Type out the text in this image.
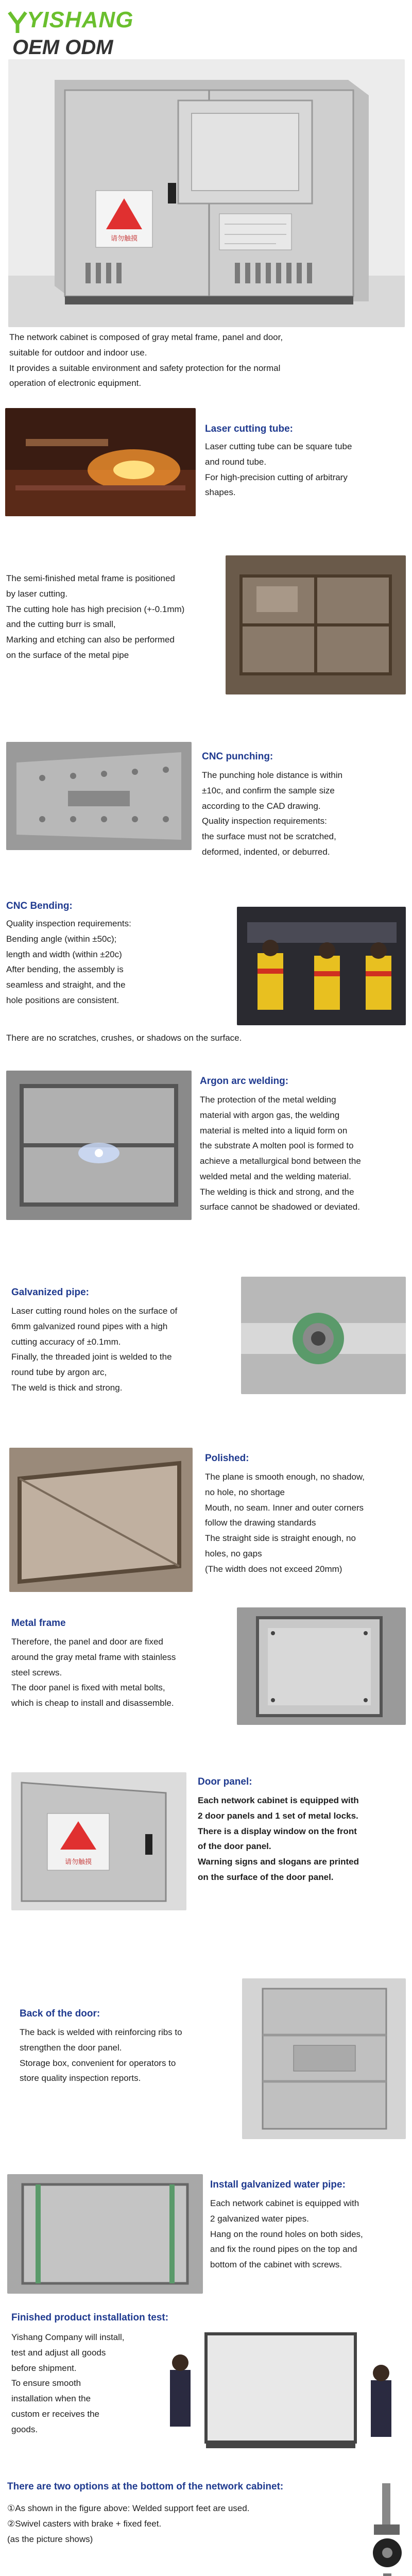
YISHANG
OEM ODM
请勿触摸

The network cabinet is composed of gray metal frame, panel and door,

suitable for outdoor and indoor use.

It provides a suitable environment and safety protection for the normal

operation of electronic equipment.

Laser cutting tube:

Laser cutting tube can be square tube

and round tube.

For high-precision cutting of arbitrary

shapes.

The semi-finished metal frame is positioned

by laser cutting.

The cutting hole has high precision (+-0.1mm)

and the cutting burr is small,

Marking and etching can also be performed

on the surface of the metal pipe

CNC punching:

The punching hole distance is within

±10c, and confirm the sample size

according to the CAD drawing.

Quality inspection requirements:

the surface must not be scratched,

deformed, indented, or deburred.

CNC Bending:

Quality inspection requirements:

Bending angle (within ±50c);

length and width (within ±20c)

After bending, the assembly is

seamless and straight, and the

hole positions are consistent.

There are no scratches, crushes, or shadows on the surface.
Argon arc welding:

The protection of the metal welding

material with argon gas, the welding

material is melted into a liquid form on

the substrate A molten pool is formed to

achieve a metallurgical bond between the

welded metal and the welding material.

The welding is thick and strong, and the

surface cannot be shadowed or deviated.

Galvanized pipe:

Laser cutting round holes on the surface of

6mm galvanized round pipes with a high

cutting accuracy of ±0.1mm.

Finally, the threaded joint is welded to the

round tube by argon arc,

The weld is thick and strong.

Polished:

The plane is smooth enough, no shadow,

no hole, no shortage

Mouth, no seam. Inner and outer corners

follow the drawing standards

The straight side is straight enough, no

holes, no gaps

(The width does not exceed 20mm)

Metal frame

Therefore, the panel and door are fixed

around the gray metal frame with stainless

steel screws.

The door panel is fixed with metal bolts,

which is cheap to install and disassemble.

请勿触摸
Door panel:

Each network cabinet is equipped with

2 door panels and 1 set of metal locks.

There is a display window on the front

of the door panel.

Warning signs and slogans are printed

on the surface of the door panel.

Back of the door:

The back is welded with reinforcing ribs to

strengthen the door panel.

Storage box, convenient for operators to

store quality inspection reports.

Install galvanized water pipe:

Each network cabinet is equipped with

2 galvanized water pipes.

Hang on the round holes on both sides,

and fix the round pipes on the top and

bottom of the cabinet with screws.

Finished product installation test:

Yishang Company will install,

test and adjust all goods

before shipment.

To ensure smooth

installation when the

custom er receives the

goods.

There are two options at the bottom of the network cabinet:

①As shown in the figure above: Welded support feet are used.

②Swivel casters with brake + fixed feet.

(as the picture shows)
